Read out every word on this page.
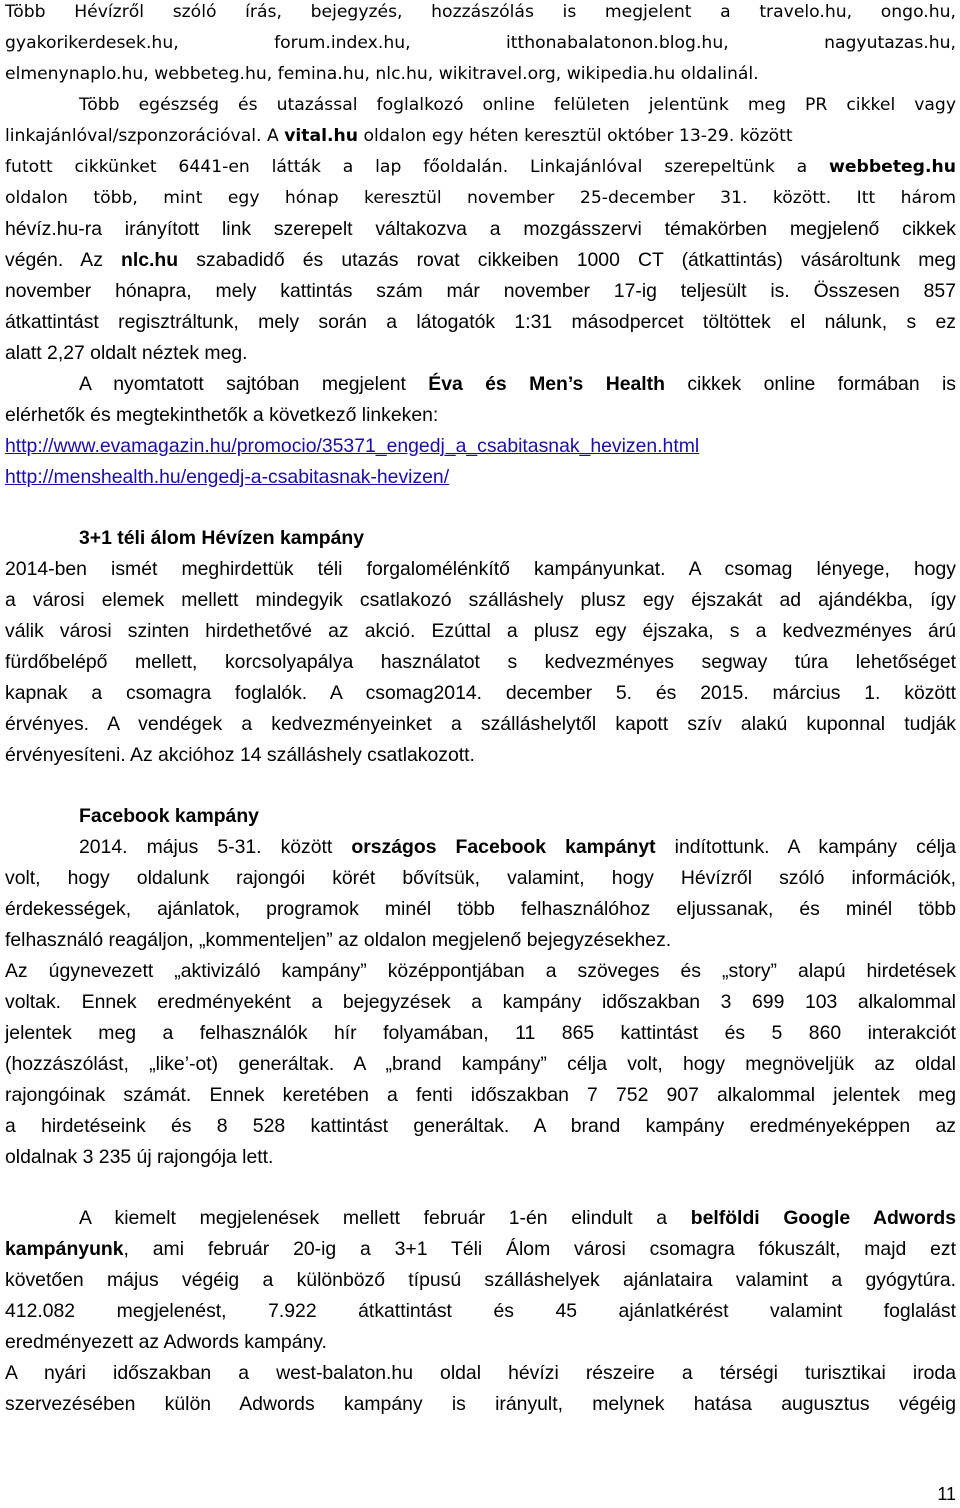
Több Hévízről szóló írás, bejegyzés, hozzászólás is megjelent a travelo.hu, ongo.hu,
gyakorikerdesek.hu, forum.index.hu, itthonabalatonon.blog.hu, nagyutazas.hu,
elmenynaplo.hu, webbeteg.hu, femina.hu, nlc.hu, wikitravel.org, wikipedia.hu oldalinál.
Több egészség és utazással foglalkozó online felületen jelentünk meg PR cikkel vagy
linkajánlóval/szponzorációval. A vital.hu oldalon egy héten keresztül október 13-29. között
futott cikkünket 6441-en látták a lap főoldalán. Linkajánlóval szerepeltünk a webbeteg.hu
oldalon több, mint egy hónap keresztül november 25-december 31. között. Itt három
hévíz.hu-ra irányított link szerepelt váltakozva a mozgásszervi témakörben megjelenő cikkek
végén. Az nlc.hu szabadidő és utazás rovat cikkeiben 1000 CT (átkattintás) vásároltunk meg
november hónapra, mely kattintás szám már november 17-ig teljesült is. Összesen 857
átkattintást regisztráltunk, mely során a látogatók 1:31 másodpercet töltöttek el nálunk, s ez
alatt 2,27 oldalt néztek meg.
A nyomtatott sajtóban megjelent Éva és Men’s Health cikkek online formában is
elérhetők és megtekinthetők a következő linkeken:
http://www.evamagazin.hu/promocio/35371_engedj_a_csabitasnak_hevizen.html
http://menshealth.hu/engedj-a-csabitasnak-hevizen/
3+1 téli álom Hévízen kampány
2014-ben ismét meghirdettük téli forgalomélénkítő kampányunkat. A csomag lényege, hogy
a városi elemek mellett mindegyik csatlakozó szálláshely plusz egy éjszakát ad ajándékba, így
válik városi szinten hirdethetővé az akció. Ezúttal a plusz egy éjszaka, s a kedvezményes árú
fürdőbelépő mellett, korcsolyapálya használatot s kedvezményes segway túra lehetőséget
kapnak a csomagra foglalók. A csomag2014. december 5. és 2015. március 1. között
érvényes. A vendégek a kedvezményeinket a szálláshelytől kapott szív alakú kuponnal tudják
érvényesíteni. Az akcióhoz 14 szálláshely csatlakozott.
Facebook kampány
2014. május 5-31. között országos Facebook kampányt indítottunk. A kampány célja
volt, hogy oldalunk rajongói körét bővítsük, valamint, hogy Hévízről szóló információk,
érdekességek, ajánlatok, programok minél több felhasználóhoz eljussanak, és minél több
felhasználó reagáljon, „kommenteljen” az oldalon megjelenő bejegyzésekhez.
Az úgynevezett „aktivizáló kampány” középpontjában a szöveges és „story” alapú hirdetések
voltak. Ennek eredményeként a bejegyzések a kampány időszakban 3 699 103 alkalommal
jelentek meg a felhasználók hír folyamában, 11 865 kattintást és 5 860 interakciót
(hozzászólást, „like’-ot) generáltak. A „brand kampány” célja volt, hogy megnöveljük az oldal
rajongóinak számát. Ennek keretében a fenti időszakban 7 752 907 alkalommal jelentek meg
a hirdetéseink és 8 528 kattintást generáltak. A brand kampány eredményeképpen az
oldalnak 3 235 új rajongója lett.
A kiemelt megjelenések mellett február 1-én elindult a belföldi Google Adwords
kampányunk, ami február 20-ig a 3+1 Téli Álom városi csomagra fókuszált, majd ezt
követően május végéig a különböző típusú szálláshelyek ajánlataira valamint a gyógytúra.
412.082 megjelenést, 7.922 átkattintást és 45 ajánlatkérést valamint foglalást
eredményezett az Adwords kampány.
A nyári időszakban a west-balaton.hu oldal hévízi részeire a térségi turisztikai iroda
szervezésében külön Adwords kampány is irányult, melynek hatása augusztus végéig
11
